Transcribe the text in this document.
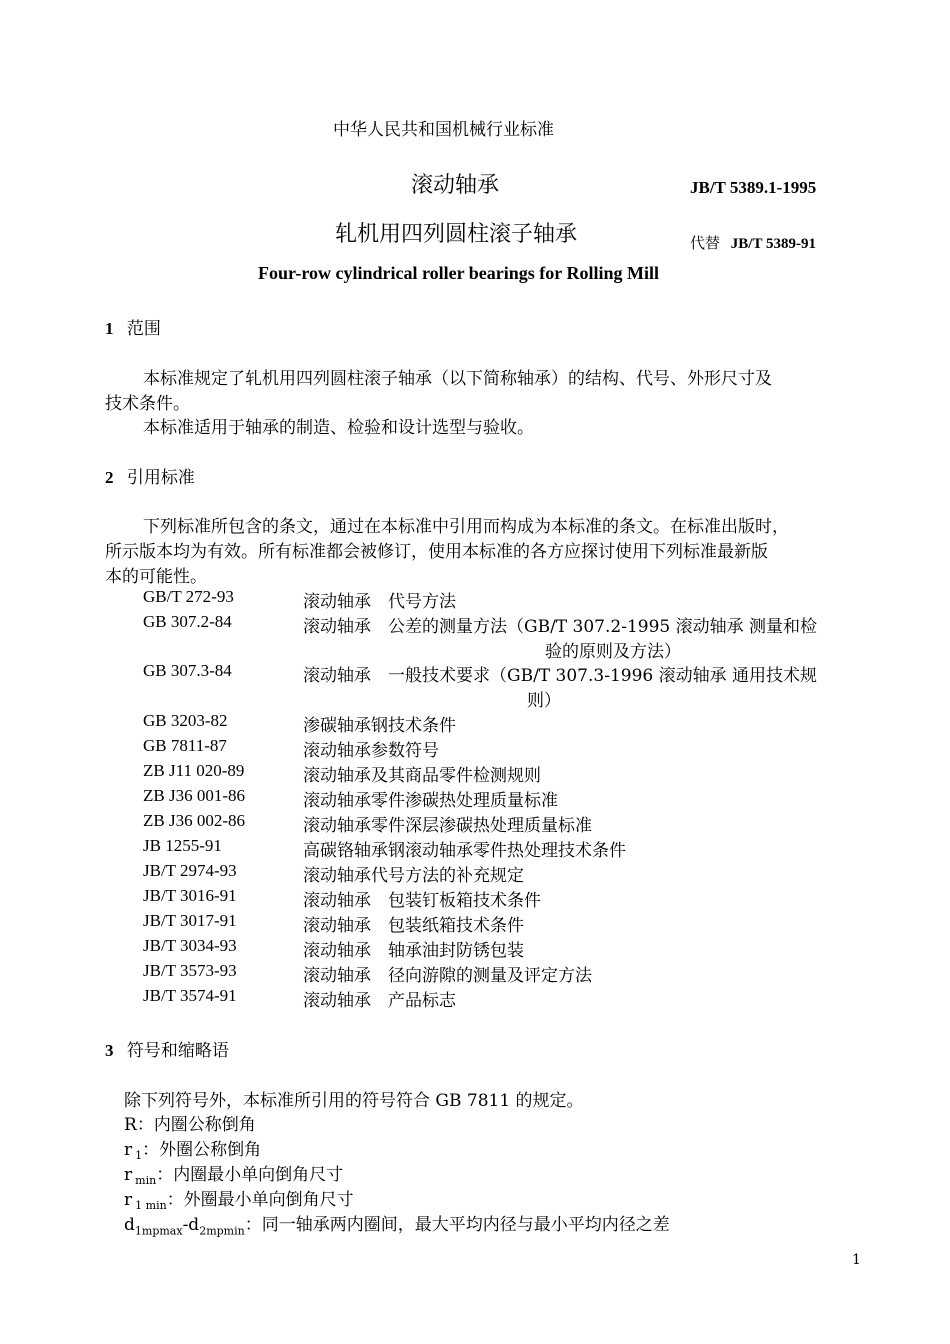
中华人民共和国机械行业标准
滚动轴承	JB/T 5389.1-1995
轧机用四列圆柱滚子轴承	代替 JB/T 5389-91
Four-row cylindrical roller bearings for Rolling Mill
1 范围
本标准规定了轧机用四列圆柱滚子轴承（以下简称轴承）的结构、代号、外形尺寸及
技术条件。
本标准适用于轴承的制造、检验和设计选型与验收。
2 引用标准
下列标准所包含的条文，通过在本标准中引用而构成为本标准的条文。在标准出版时，
所示版本均为有效。所有标准都会被修订，使用本标准的各方应探讨使用下列标准最新版
本的可能性。
GB/T 272-93	滚动轴承　代号方法
GB 307.2-84	滚动轴承　公差的测量方法（GB/T 307.2-1995 滚动轴承 测量和检
验的原则及方法）
GB 307.3-84	滚动轴承　一般技术要求（GB/T 307.3-1996 滚动轴承 通用技术规
则）
GB 3203-82	渗碳轴承钢技术条件
GB 7811-87	滚动轴承参数符号
ZB J11 020-89	滚动轴承及其商品零件检测规则
ZB J36 001-86	滚动轴承零件渗碳热处理质量标准
ZB J36 002-86	滚动轴承零件深层渗碳热处理质量标准
JB 1255-91	高碳铬轴承钢滚动轴承零件热处理技术条件
JB/T 2974-93	滚动轴承代号方法的补充规定
JB/T 3016-91	滚动轴承　包装钉板箱技术条件
JB/T 3017-91	滚动轴承　包装纸箱技术条件
JB/T 3034-93	滚动轴承　轴承油封防锈包装
JB/T 3573-93	滚动轴承　径向游隙的测量及评定方法
JB/T 3574-91	滚动轴承　产品标志
3 符号和缩略语
除下列符号外，本标准所引用的符号符合 GB 7811 的规定。
R：内圈公称倒角
r $_1$：外圈公称倒角
r $_{min}$：内圈最小单向倒角尺寸
r $_{1 min}$：外圈最小单向倒角尺寸
$d_{1mpmax}-d_{2mpmin}$：同一轴承两内圈间，最大平均内径与最小平均内径之差
1
